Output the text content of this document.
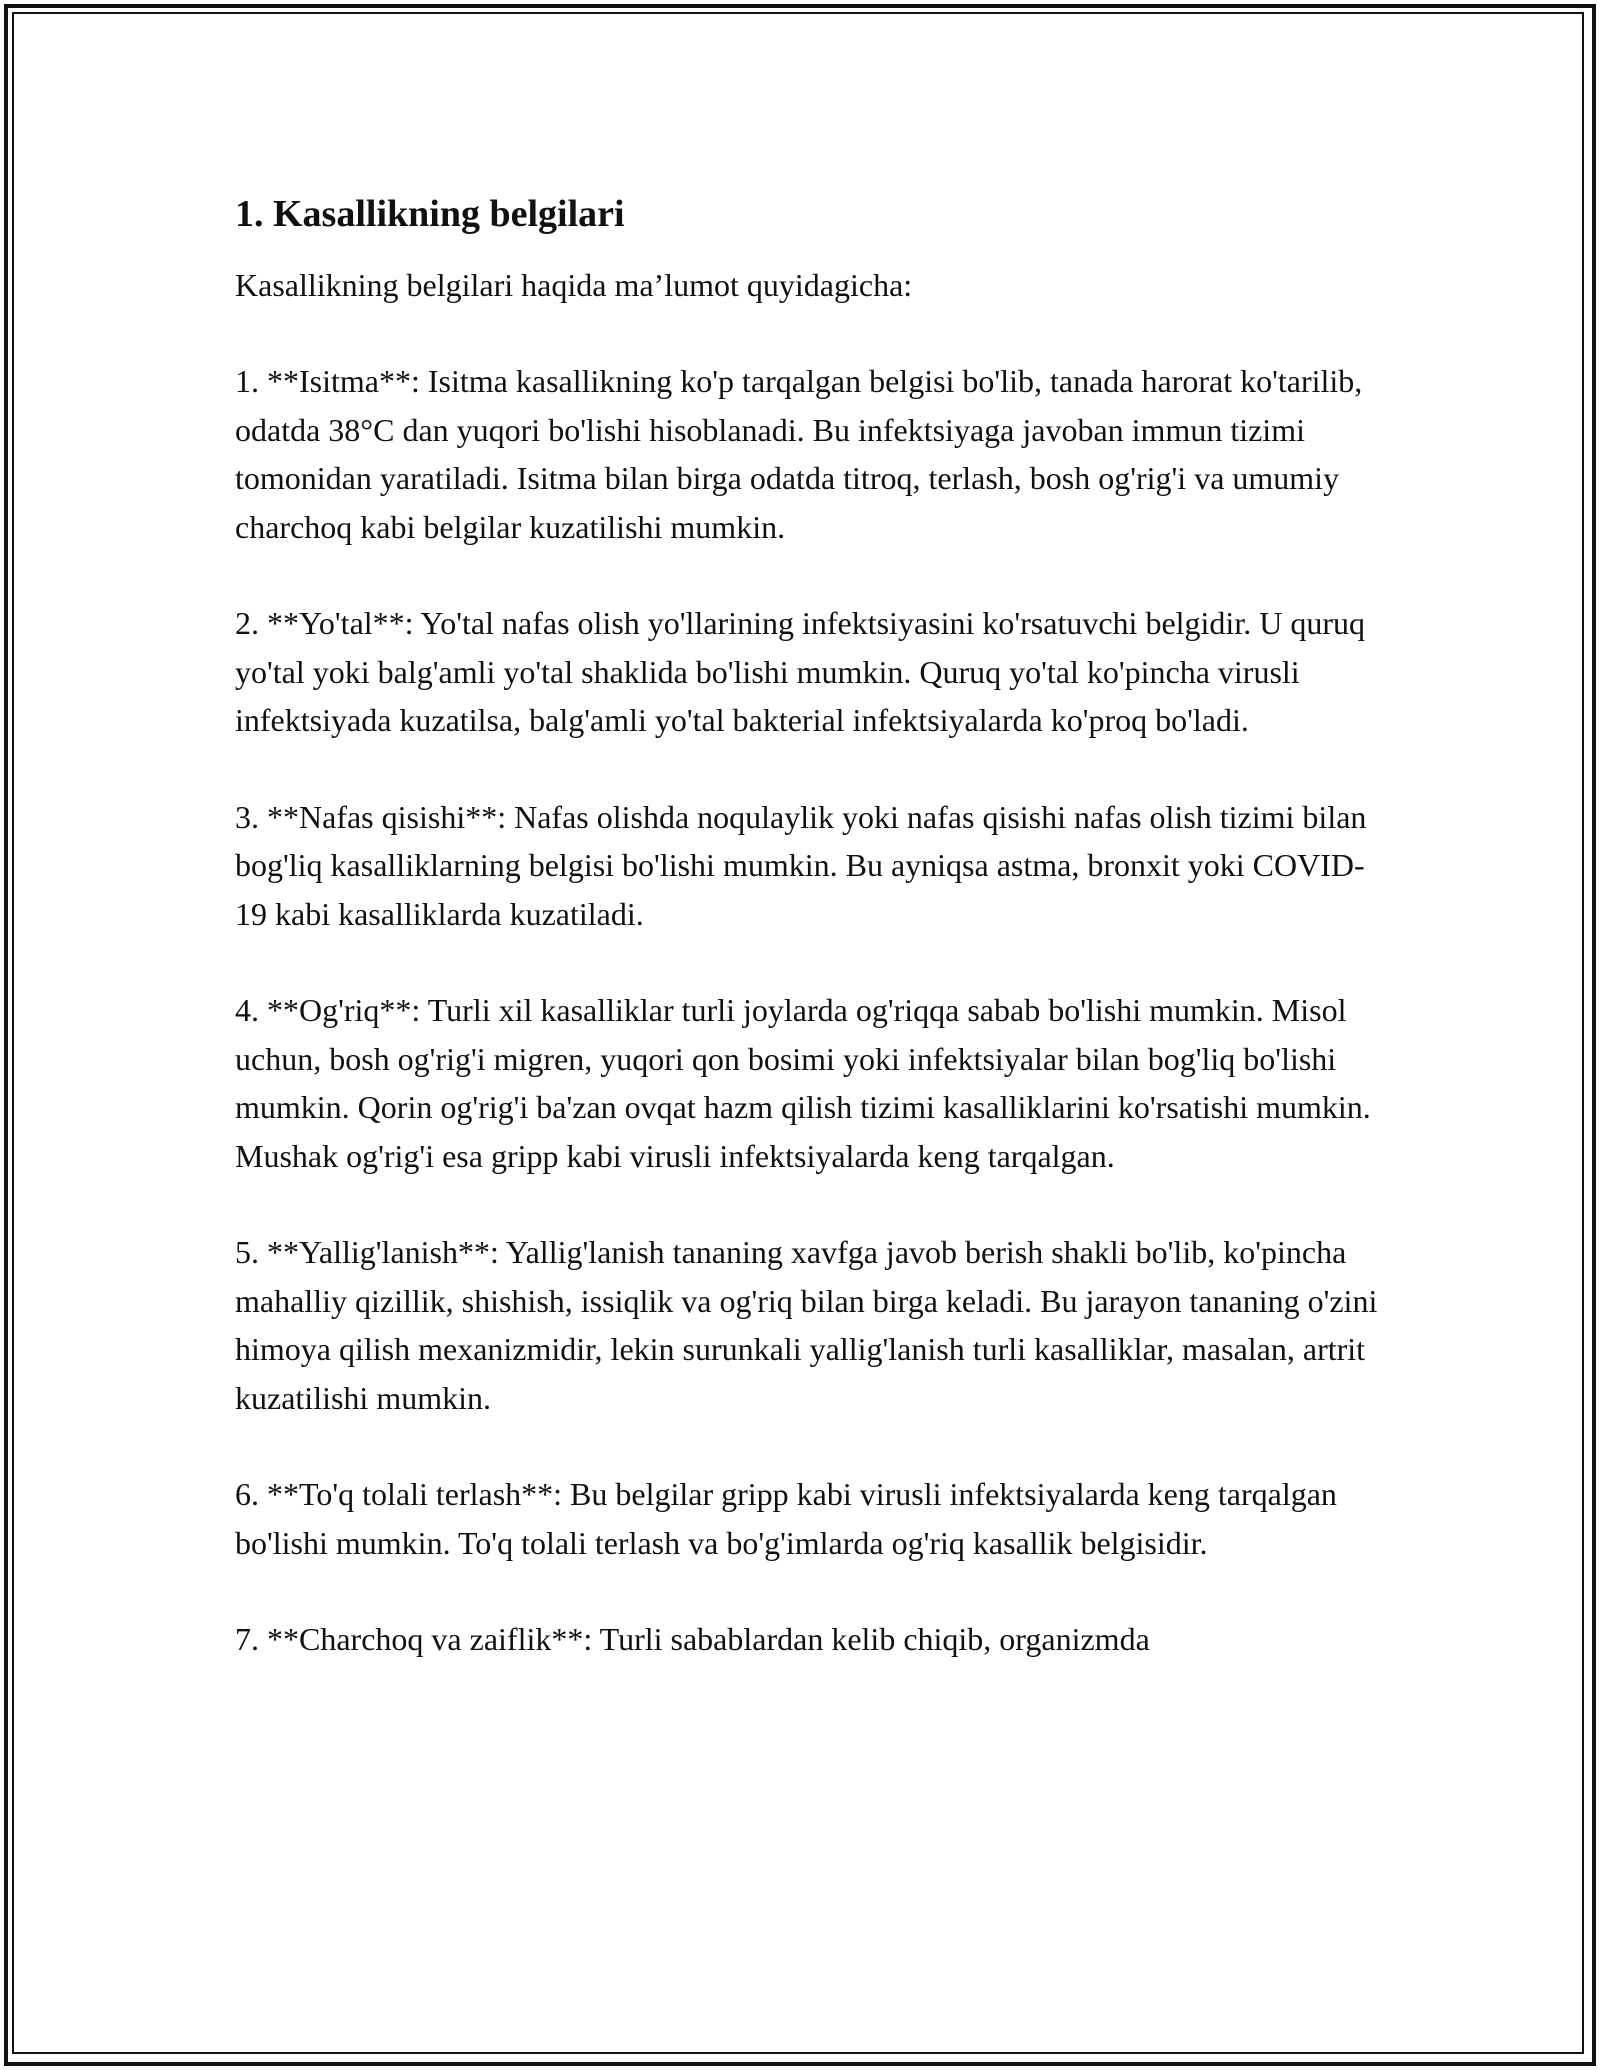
1. Kasallikning belgilari

Kasallikning belgilari haqida ma’lumot quyidagicha:

1. **Isitma**: Isitma kasallikning ko'p tarqalgan belgisi bo'lib, tanada harorat ko'tarilib, odatda 38°C dan yuqori bo'lishi hisoblanadi. Bu infektsiyaga javoban immun tizimi tomonidan yaratiladi. Isitma bilan birga odatda titroq, terlash, bosh og'rig'i va umumiy charchoq kabi belgilar kuzatilishi mumkin.

2. **Yo'tal**: Yo'tal nafas olish yo'llarining infektsiyasini ko'rsatuvchi belgidir. U quruq yo'tal yoki balg'amli yo'tal shaklida bo'lishi mumkin. Quruq yo'tal ko'pincha virusli infektsiyada kuzatilsa, balg'amli yo'tal bakterial infektsiyalarda ko'proq bo'ladi.

3. **Nafas qisishi**: Nafas olishda noqulaylik yoki nafas qisishi nafas olish tizimi bilan bog'liq kasalliklarning belgisi bo'lishi mumkin. Bu ayniqsa astma, bronxit yoki COVID-19 kabi kasalliklarda kuzatiladi.

4. **Og'riq**: Turli xil kasalliklar turli joylarda og'riqqa sabab bo'lishi mumkin. Misol uchun, bosh og'rig'i migren, yuqori qon bosimi yoki infektsiyalar bilan bog'liq bo'lishi mumkin. Qorin og'rig'i ba'zan ovqat hazm qilish tizimi kasalliklarini ko'rsatishi mumkin. Mushak og'rig'i esa gripp kabi virusli infektsiyalarda keng tarqalgan.

5. **Yallig'lanish**: Yallig'lanish tananing xavfga javob berish shakli bo'lib, ko'pincha mahalliy qizillik, shishish, issiqlik va og'riq bilan birga keladi. Bu jarayon tananing o'zini himoya qilish mexanizmidir, lekin surunkali yallig'lanish turli kasalliklar, masalan, artrit kuzatilishi mumkin.

6. **To'q tolali terlash**: Bu belgilar gripp kabi virusli infektsiyalarda keng tarqalgan bo'lishi mumkin. To'q tolali terlash va bo'g'imlarda og'riq kasallik belgisidir.

7. **Charchoq va zaiflik**: Turli sabablardan kelib chiqib, organizmda
